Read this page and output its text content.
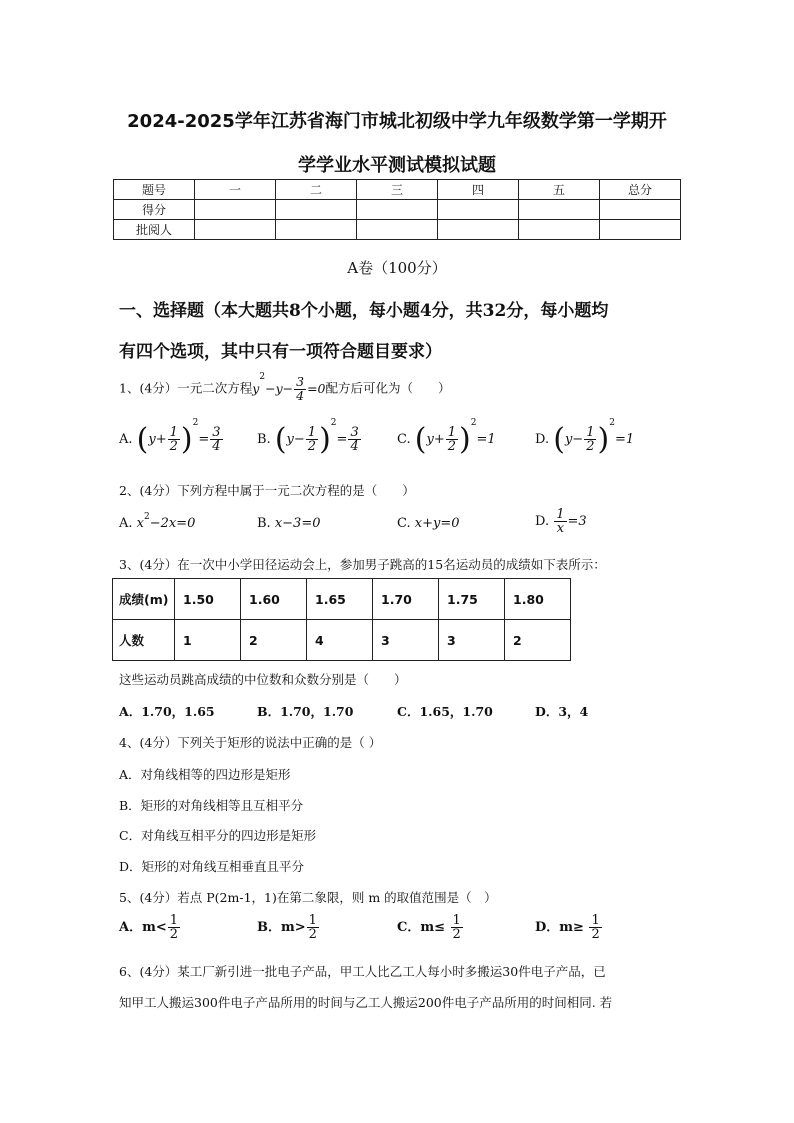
2024-2025学年江苏省海门市城北初级中学九年级数学第一学期开
学学业水平测试模拟试题
题号	一	二	三	四	五	总分
得分						
批阅人						
A卷（100分）
一、选择题（本大题共8个小题，每小题4分，共32分，每小题均
有四个选项，其中只有一项符合题目要求）
1、(4分）一元二次方程$y^2-y- \frac{3}{4} =0$配方后可化为（　　）
A. $(y+ \frac{1}{2} )^2= \frac{3}{4}$	B. $(y- \frac{1}{2} )^2= \frac{3}{4}$	C. $(y+ \frac{1}{2} )^2=1$	D. $(y- \frac{1}{2} )^2=1$
2、(4分）下列方程中属于一元二次方程的是（　　）
A. $x^2-2x=0$	B. x−3=0	C. x+y=0	D. $\frac{1}{x} =3$
3、(4分）在一次中小学田径运动会上，参加男子跳高的15名运动员的成绩如下表所示：
成绩(m)	1.50	1.60	1.65	1.70	1.75	1.80
人数	1	2	4	3	3	2
这些运动员跳高成绩的中位数和众数分别是（　　）
A．1.70，1.65	B．1.70，1.70	C．1.65，1.70	D．3，4
4、(4分）下列关于矩形的说法中正确的是（ ）
A．对角线相等的四边形是矩形
B．矩形的对角线相等且互相平分
C．对角线互相平分的四边形是矩形
D．矩形的对角线互相垂直且平分
5、(4分）若点 P(2m-1，1)在第二象限，则 m 的取值范围是（　）
A．$m< \frac{1}{2}$	B．$m> \frac{1}{2}$	C．$m\le \frac{1}{2}$	D．$m\ge \frac{1}{2}$
6、(4分）某工厂新引进一批电子产品，甲工人比乙工人每小时多搬运30件电子产品，已
知甲工人搬运300件电子产品所用的时间与乙工人搬运200件电子产品所用的时间相同. 若
